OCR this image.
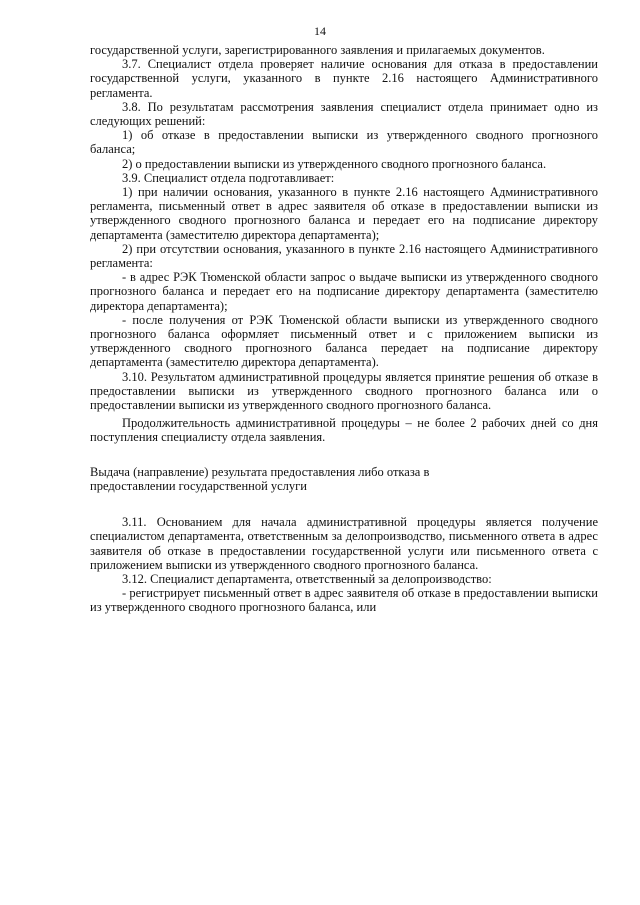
14

государственной услуги, зарегистрированного заявления и прилагаемых документов.

3.7. Специалист отдела проверяет наличие основания для отказа в предоставлении государственной услуги, указанного в пункте 2.16 настоящего Административного регламента.

3.8. По результатам рассмотрения заявления специалист отдела принимает одно из следующих решений:

1) об отказе в предоставлении выписки из утвержденного сводного прогнозного баланса;

2) о предоставлении выписки из утвержденного сводного прогнозного баланса.

3.9. Специалист отдела подготавливает:

1) при наличии основания, указанного в пункте 2.16 настоящего Административного регламента, письменный ответ в адрес заявителя об отказе в предоставлении выписки из утвержденного сводного прогнозного баланса и передает его на подписание директору департамента (заместителю директора департамента);

2) при отсутствии основания, указанного в пункте 2.16 настоящего Административного регламента:

- в адрес РЭК Тюменской области запрос о выдаче выписки из утвержденного сводного прогнозного баланса и передает его на подписание директору департамента (заместителю директора департамента);

- после получения от РЭК Тюменской области выписки из утвержденного сводного прогнозного баланса оформляет письменный ответ и с приложением выписки из утвержденного сводного прогнозного баланса передает на подписание директору департамента (заместителю директора департамента).

3.10. Результатом административной процедуры является принятие решения об отказе в предоставлении выписки из утвержденного сводного прогнозного баланса или о предоставлении выписки из утвержденного сводного прогнозного баланса.

Продолжительность административной процедуры – не более 2 рабочих дней со дня поступления специалисту отдела заявления.

Выдача (направление) результата предоставления либо отказа в
предоставлении государственной услуги

3.11. Основанием для начала административной процедуры является получение специалистом департамента, ответственным за делопроизводство, письменного ответа в адрес заявителя об отказе в предоставлении государственной услуги или письменного ответа с приложением выписки из утвержденного сводного прогнозного баланса.

3.12. Специалист департамента, ответственный за делопроизводство:

- регистрирует письменный ответ в адрес заявителя об отказе в предоставлении выписки из утвержденного сводного прогнозного баланса, или
